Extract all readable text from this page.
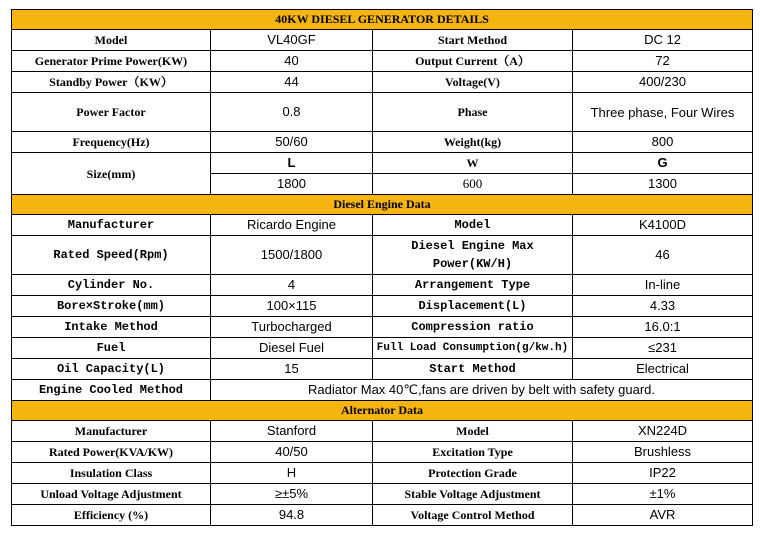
40KW DIESEL GENERATOR DETAILS			
Model	VL40GF	Start Method	DC 12
Generator Prime Power(KW)	40	Output Current（A）	72
Standby Power（KW）	44	Voltage(V)	400/230
Power Factor	0.8	Phase	Three phase, Four Wires
Frequency(Hz)	50/60	Weight(kg)	800
Size(mm)	L	W	G
	1800	600	1300
Diesel Engine Data			
Manufacturer	Ricardo Engine	Model	K4100D
Rated Speed(Rpm)	1500/1800	Diesel Engine Max Power(KW/H)	46
Cylinder No.	4	Arrangement Type	In-line
Bore×Stroke(mm)	100×115	Displacement(L)	4.33
Intake Method	Turbocharged	Compression ratio	16.0:1
Fuel	Diesel Fuel	Full Load Consumption(g/kw.h)	≤231
Oil Capacity(L)	15	Start Method	Electrical
Engine Cooled Method	Radiator Max 40℃,fans are driven by belt with safety guard.		
Alternator Data			
Manufacturer	Stanford	Model	XN224D
Rated Power(KVA/KW)	40/50	Excitation Type	Brushless
Insulation Class	H	Protection Grade	IP22
Unload Voltage Adjustment	≥±5%	Stable Voltage Adjustment	±1%
Efficiency (%)	94.8	Voltage Control Method	AVR
